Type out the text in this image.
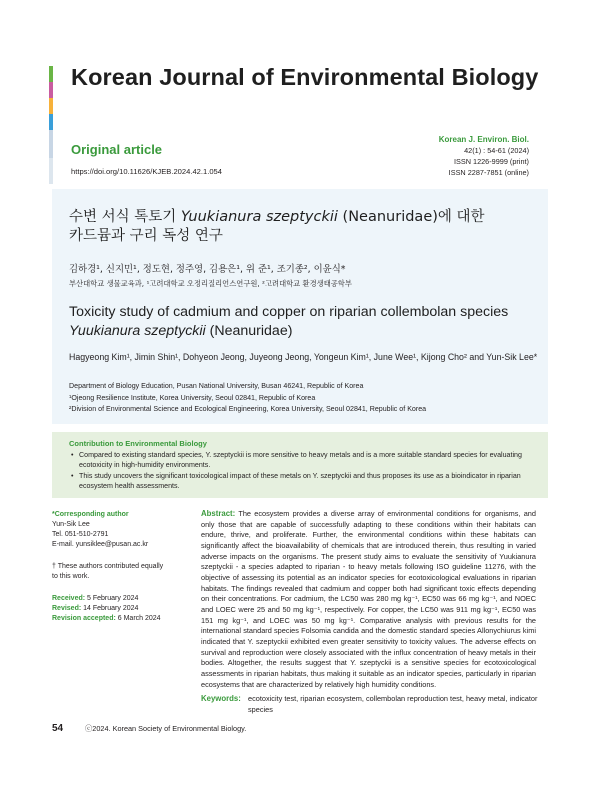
Korean Journal of Environmental Biology
Original article
https://doi.org/10.11626/KJEB.2024.42.1.054
Korean J. Environ. Biol.
42(1) : 54-61 (2024)
ISSN 1226-9999 (print)
ISSN 2287-7851 (online)
수변 서식 톡토기 Yuukianura szeptyckii (Neanuridae)에 대한
카드뮴과 구리 독성 연구
김하경¹, 신지민¹, 정도현, 정주영, 김용은¹, 위 준¹, 조기종², 이윤식*
부산대학교 생물교육과, ¹고려대학교 오정리질리언스연구원, ²고려대학교 환경생태공학부
Toxicity study of cadmium and copper on riparian collembolan species Yuukianura szeptyckii (Neanuridae)
Hagyeong Kim¹, Jimin Shin¹, Dohyeon Jeong, Juyeong Jeong, Yongeun Kim¹, June Wee¹, Kijong Cho² and Yun-Sik Lee*
Department of Biology Education, Pusan National University, Busan 46241, Republic of Korea
¹Ojeong Resilience Institute, Korea University, Seoul 02841, Republic of Korea
²Division of Environmental Science and Ecological Engineering, Korea University, Seoul 02841, Republic of Korea
Contribution to Environmental Biology
• Compared to existing standard species, Y. szeptyckii is more sensitive to heavy metals and is a more suitable standard species for evaluating ecotoxicity in high-humidity environments.
• This study uncovers the significant toxicological impact of these metals on Y. szeptyckii and thus proposes its use as a bioindicator in riparian ecosystem health assessments.
*Corresponding author
Yun-Sik Lee
Tel. 051-510-2791
E-mail. yunsiklee@pusan.ac.kr
† These authors contributed equally to this work.
Received: 5 February 2024
Revised: 14 February 2024
Revision accepted: 6 March 2024

Abstract: The ecosystem provides a diverse array of environmental conditions for organisms, and only those that are capable of successfully adapting to these conditions within their habitats can endure, thrive, and proliferate. Further, the environmental conditions within these habitats can significantly affect the bioavailability of chemicals that are introduced therein, thus resulting in varied adverse impacts on the organisms. The present study aims to evaluate the sensitivity of Yuukianura szeptyckii - a species adapted to riparian - to heavy metals following ISO guideline 11276, with the objective of assessing its potential as an indicator species for ecotoxicological evaluations in riparian habitats. The findings revealed that cadmium and copper both had significant toxic effects depending on their concentrations. For cadmium, the LC50 was 280 mg kg⁻¹, EC50 was 66 mg kg⁻¹, and NOEC and LOEC were 25 and 50 mg kg⁻¹, respectively. For copper, the LC50 was 911 mg kg⁻¹, EC50 was 151 mg kg⁻¹, and LOEC was 50 mg kg⁻¹. Comparative analysis with previous results for the international standard species Folsomia candida and the domestic standard species Allonychiurus kimi indicated that Y. szeptyckii exhibited even greater sensitivity to toxicity values. The adverse effects on survival and reproduction were closely associated with the influx concentration of heavy metals in their bodies. Altogether, the results suggest that Y. szeptyckii is a sensitive species for ecotoxicological assessments in riparian habitats, thus making it suitable as an indicator species, particularly in riparian ecosystems that are characterized by relatively high humidity conditions.

Keywords: ecotoxicity test, riparian ecosystem, collembolan reproduction test, heavy metal, indicator species
54	ⓒ2024. Korean Society of Environmental Biology.
